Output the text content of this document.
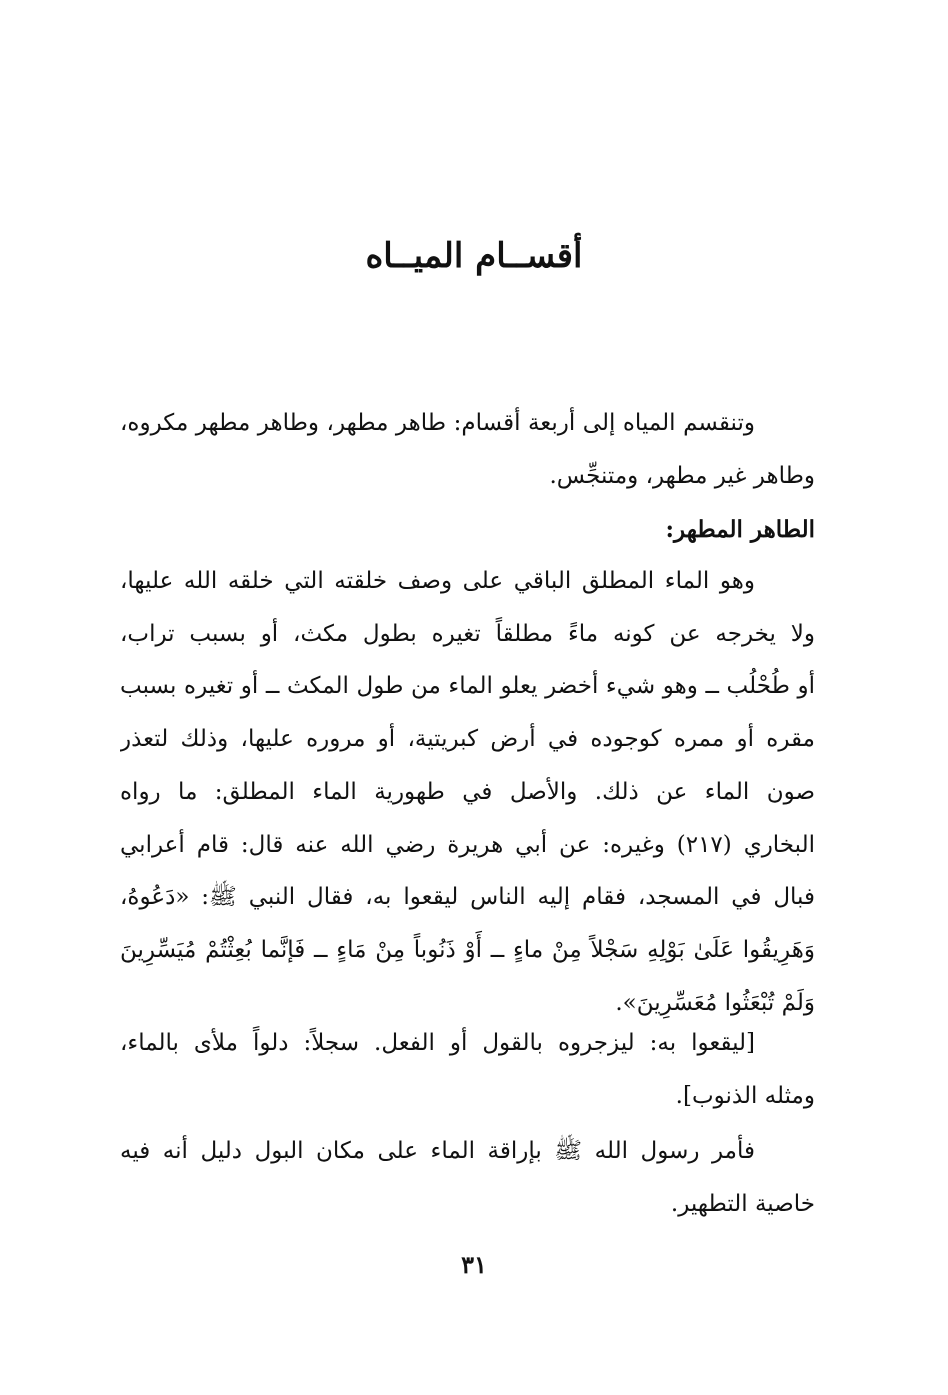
أقســام الميــاه
وتنقسم المياه إلى أربعة أقسام: طاهر مطهر، وطاهر مطهر مكروه،
وطاهر غير مطهر، ومتنجِّس.
الطاهر المطهر:
وهو الماء المطلق الباقي على وصف خلقته التي خلقه الله عليها،
ولا يخرجه عن كونه ماءً مطلقاً تغيره بطول مكث، أو بسبب تراب،
أو طُحْلُب ــ وهو شيء أخضر يعلو الماء من طول المكث ــ أو تغيره بسبب
مقره أو ممره كوجوده في أرض كبريتية، أو مروره عليها، وذلك لتعذر
صون الماء عن ذلك. والأصل في طهورية الماء المطلق: ما رواه
البخاري (٢١٧) وغيره: عن أبي هريرة رضي الله عنه قال: قام أعرابي
فبال في المسجد، فقام إليه الناس ليقعوا به، فقال النبي ﷺ: «دَعُوهُ،
وَهَرِيقُوا عَلَىٰ بَوْلِهِ سَجْلاً مِنْ ماءٍ ــ أَوْ ذَنُوباً مِنْ مَاءٍ ــ فَإنَّما بُعِثْتُمْ مُيَسِّرِينَ
وَلَمْ تُبْعَثُوا مُعَسِّرِينَ».
[ليقعوا به: ليزجروه بالقول أو الفعل. سجلاً: دلواً ملأى بالماء،
ومثله الذنوب].
فأمر رسول الله ﷺ بإراقة الماء على مكان البول دليل أنه فيه
خاصية التطهير.
٣١
